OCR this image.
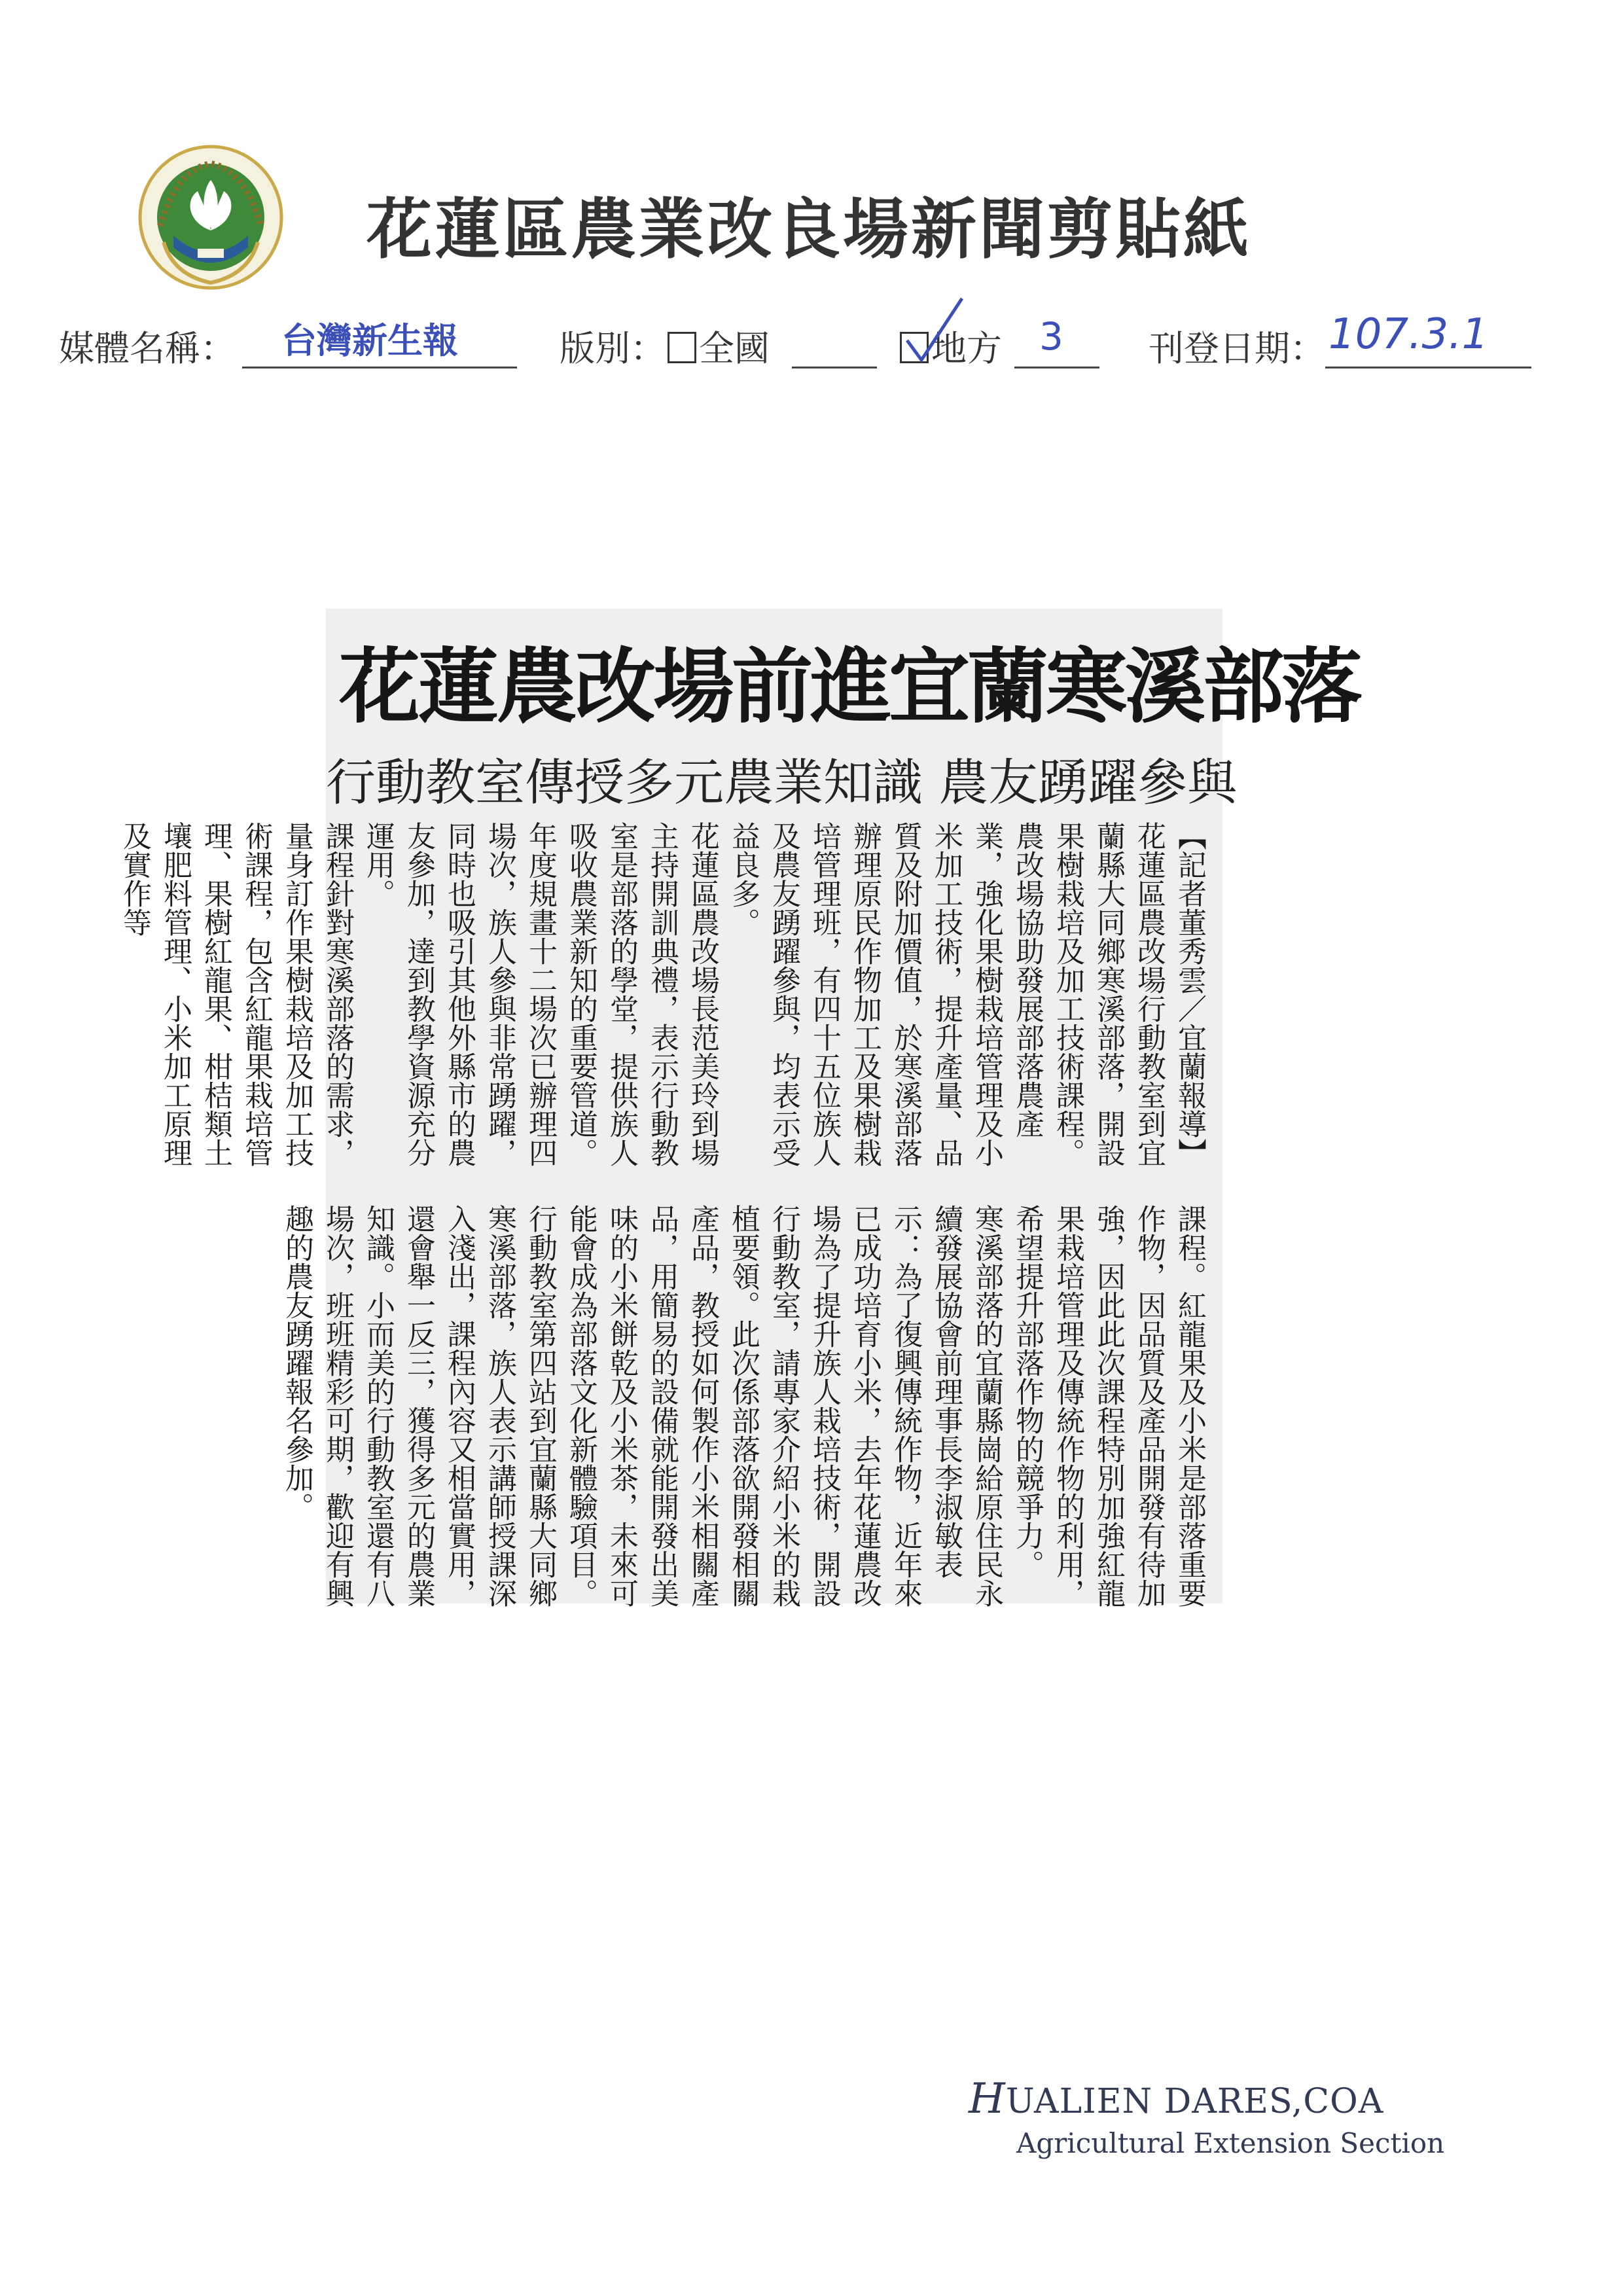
花蓮區農業改良場新聞剪貼紙
媒體名稱： 台灣新生報	版別： 全國	地方 3 刊登日期： 107.3.1
花蓮農改場前進宜蘭寒溪部落
行動教室傳授多元農業知識 農友踴躍參與

【記者董秀雲／宜蘭報導】花蓮區農改場行動教室到宜蘭縣大同鄉寒溪部落，開設果樹栽培及加工技術課程。農改場協助發展部落農產業，強化果樹栽培管理及小米加工技術，提升產量、品質及附加價值，於寒溪部落辦理原民作物加工及果樹栽培管理班，有四十五位族人及農友踴躍參與，均表示受益良多。

花蓮區農改場長范美玲到場主持開訓典禮，表示行動教室是部落的學堂，提供族人吸收農業新知的重要管道。年度規畫十二場次已辦理四場次，族人參與非常踴躍，同時也吸引其他外縣市的農友參加，達到教學資源充分運用。

課程針對寒溪部落的需求，量身訂作果樹栽培及加工技術課程，包含紅龍果栽培管理、果樹紅龍果、柑桔類土壤肥料管理、小米加工原理及實作等

課程。紅龍果及小米是部落重要作物，因品質及產品開發有待加強，因此此次課程特別加強紅龍果栽培管理及傳統作物的利用，希望提升部落作物的競爭力。

寒溪部落的宜蘭縣崗給原住民永續發展協會前理事長李淑敏表示：為了復興傳統作物，近年來已成功培育小米，去年花蓮農改場為了提升族人栽培技術，開設行動教室，請專家介紹小米的栽植要領。此次係部落欲開發相關產品，教授如何製作小米相關產品，用簡易的設備就能開發出美味的小米餅乾及小米茶，未來可能會成為部落文化新體驗項目。

行動教室第四站到宜蘭縣大同鄉寒溪部落，族人表示講師授課深入淺出，課程內容又相當實用，還會舉一反三，獲得多元的農業知識。小而美的行動教室還有八場次，班班精彩可期，歡迎有興趣的農友踴躍報名參加。

HUALIEN DARES,COA
Agricultural Extension Section
